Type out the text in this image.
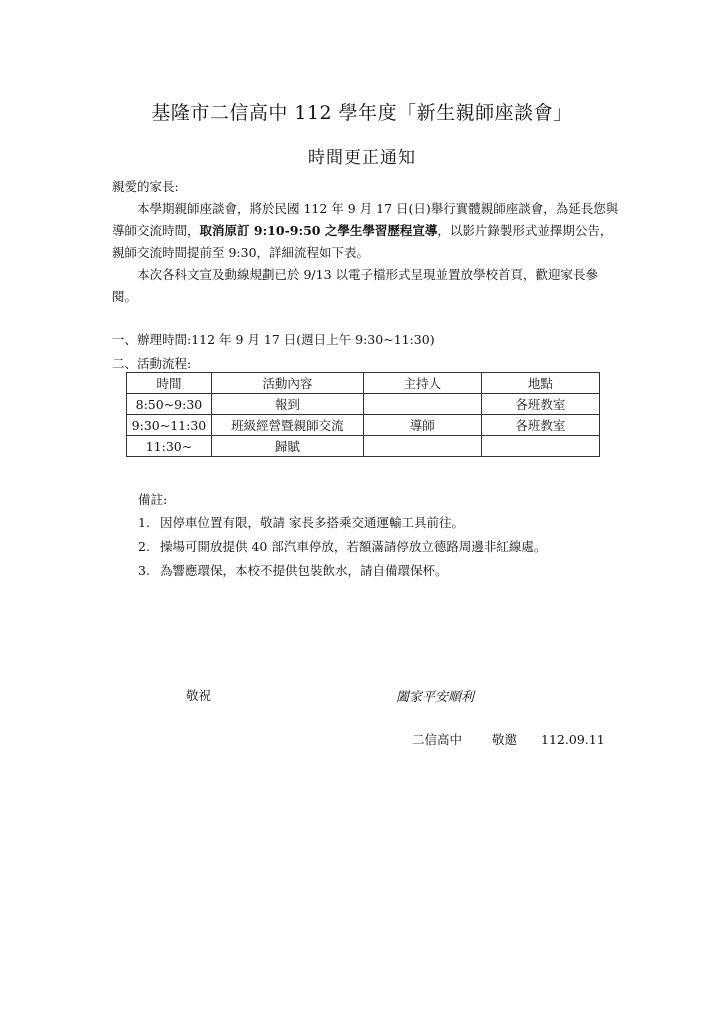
基隆市二信高中 112 學年度「新生親師座談會」
時間更正通知
親愛的家長:
本學期親師座談會，將於民國 112 年 9 月 17 日(日)舉行實體親師座談會，為延長您與導師交流時間，取消原訂 9:10-9:50 之學生學習歷程宣導，以影片錄製形式並擇期公告，親師交流時間提前至 9:30，詳細流程如下表。
本次各科文宣及動線規劃已於 9/13 以電子檔形式呈現並置放學校首頁，歡迎家長參閱。
一、辦理時間:112 年 9 月 17 日(週日上午 9:30~11:30)
二、活動流程:
時間	活動內容	主持人	地點
8:50~9:30	報到		各班教室
9:30~11:30	班級經營暨親師交流	導師	各班教室
11:30~	歸賦		
備註:
1. 因停車位置有限，敬請 家長多搭乘交通運輸工具前往。
2. 操場可開放提供 40 部汽車停放，若額滿請停放立德路周邊非紅線處。
3. 為響應環保，本校不提供包裝飲水，請自備環保杯。
敬祝	闔家平安順利
二信高中 敬邀 112.09.11
